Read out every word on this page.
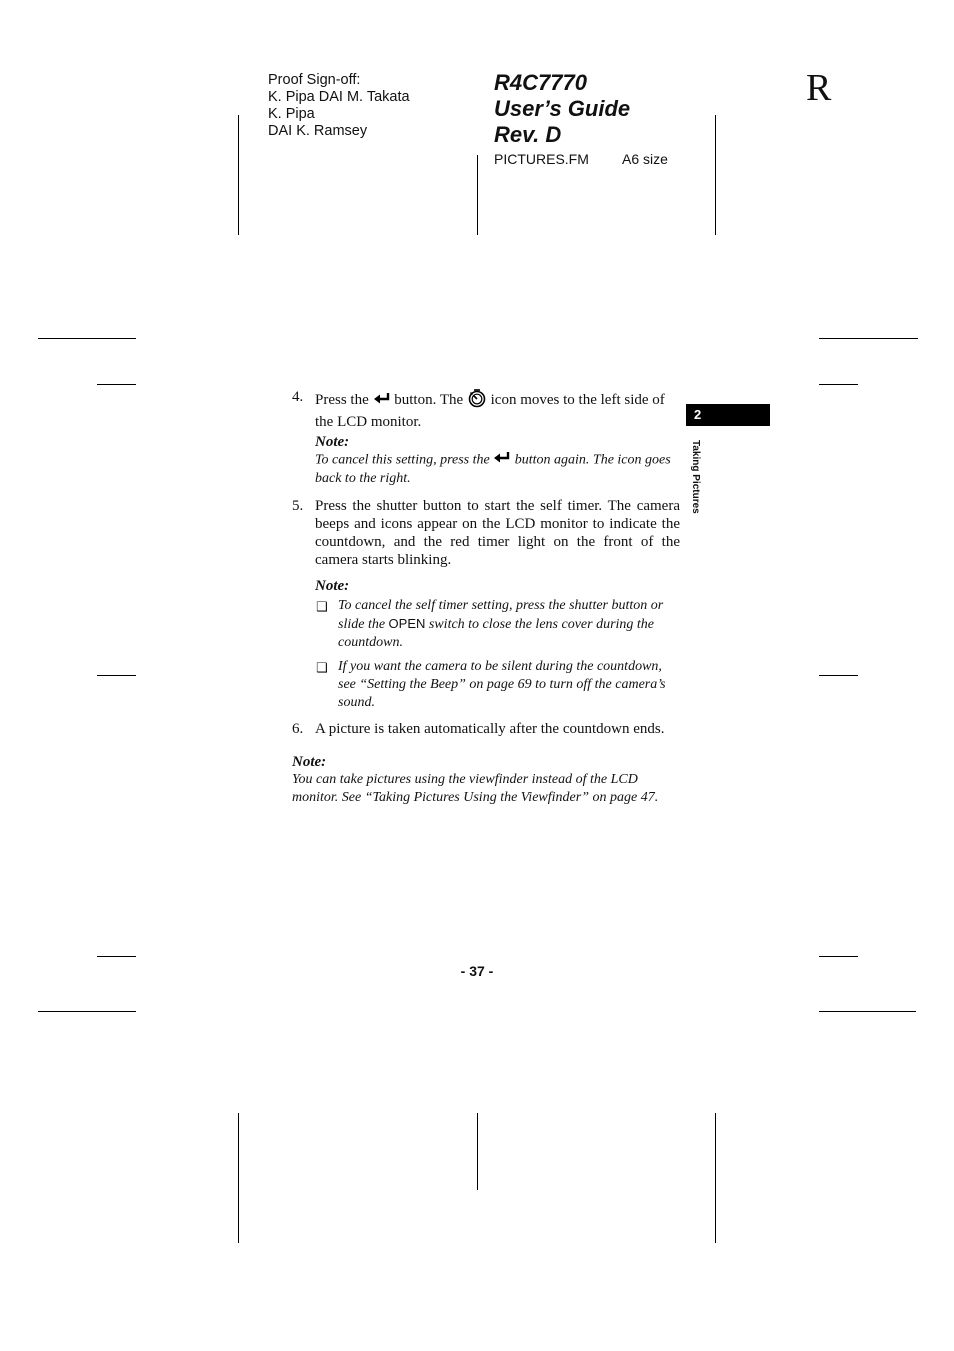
Proof Sign-off:
K. Pipa DAI M. Takata
K. Pipa
DAI K. Ramsey
R4C7770
User’s Guide
Rev. D
PICTURES.FM A6 size
R
2
Taking Pictures
4. Press the button. The icon moves to the left side of the LCD monitor.
Note:
To cancel this setting, press the button again. The icon goes back to the right.
5. Press the shutter button to start the self timer. The camera beeps and icons appear on the LCD monitor to indicate the countdown, and the red timer light on the front of the camera starts blinking.
Note:
❑ To cancel the self timer setting, press the shutter button or slide the OPEN switch to close the lens cover during the countdown.
❑ If you want the camera to be silent during the countdown, see “Setting the Beep” on page 69 to turn off the camera’s sound.
6. A picture is taken automatically after the countdown ends.
Note:
You can take pictures using the viewfinder instead of the LCD monitor. See “Taking Pictures Using the Viewfinder” on page 47.
- 37 -
